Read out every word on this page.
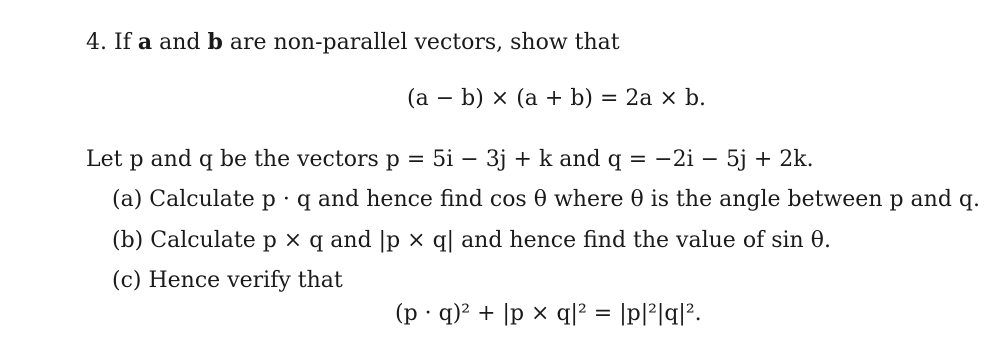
4. If a and b are non-parallel vectors, show that
(a − b) × (a + b) = 2a × b.
Let p and q be the vectors p = 5i − 3j + k and q = −2i − 5j + 2k.
(a) Calculate p · q and hence find cos θ where θ is the angle between p and q.
(b) Calculate p × q and |p × q| and hence find the value of sin θ.
(c) Hence verify that
(p · q)² + |p × q|² = |p|²|q|².
